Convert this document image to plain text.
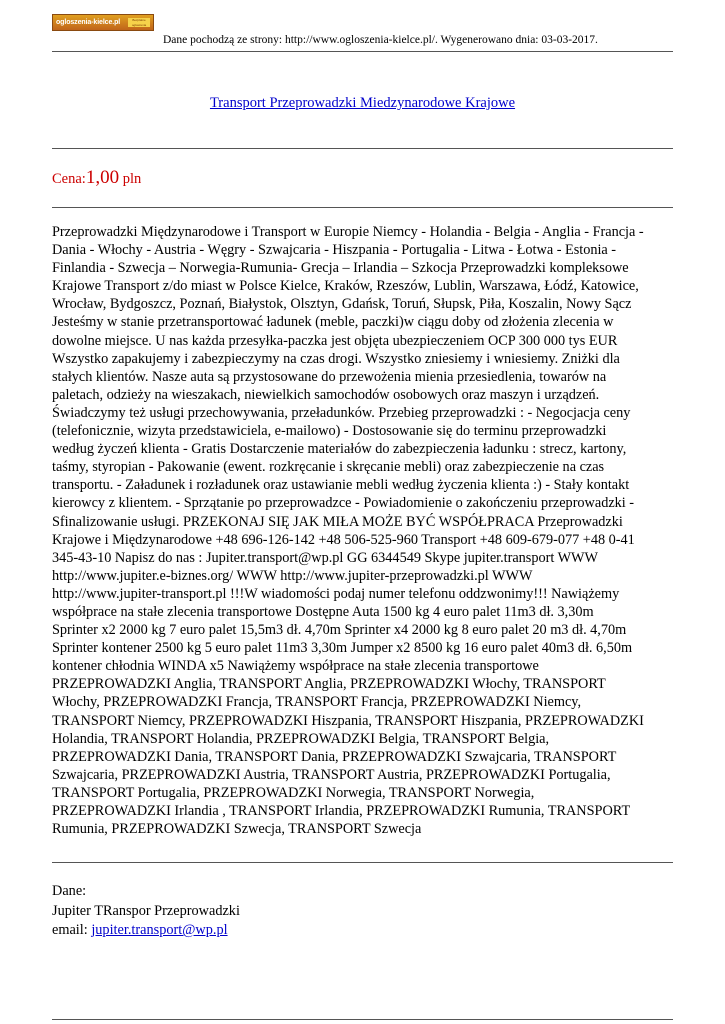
ogloszenia-kielce.pl	Bezpłatne ogłoszenia
Dane pochodzą ze strony: http://www.ogloszenia-kielce.pl/. Wygenerowano dnia: 03-03-2017.
Transport Przeprowadzki Miedzynarodowe Krajowe
Cena:1,00 pln

Przeprowadzki Międzynarodowe i Transport w Europie Niemcy - Holandia - Belgia - Anglia - Francja -
Dania - Włochy - Austria - Węgry - Szwajcaria - Hiszpania - Portugalia - Litwa - Łotwa - Estonia -
Finlandia - Szwecja – Norwegia-Rumunia- Grecja – Irlandia – Szkocja Przeprowadzki kompleksowe
Krajowe Transport z/do miast w Polsce Kielce, Kraków, Rzeszów, Lublin, Warszawa, Łódź, Katowice,
Wrocław, Bydgoszcz, Poznań, Białystok, Olsztyn, Gdańsk, Toruń, Słupsk, Piła, Koszalin, Nowy Sącz
Jesteśmy w stanie przetransportować ładunek (meble, paczki)w ciągu doby od złożenia zlecenia w
dowolne miejsce. U nas każda przesyłka-paczka jest objęta ubezpieczeniem OCP 300 000 tys EUR
Wszystko zapakujemy i zabezpieczymy na czas drogi. Wszystko zniesiemy i wniesiemy. Zniżki dla
stałych klientów. Nasze auta są przystosowane do przewożenia mienia przesiedlenia, towarów na
paletach, odzieży na wieszakach, niewielkich samochodów osobowych oraz maszyn i urządzeń.
Świadczymy też usługi przechowywania, przeładunków. Przebieg przeprowadzki : - Negocjacja ceny
(telefonicznie, wizyta przedstawiciela, e-mailowo) - Dostosowanie się do terminu przeprowadzki
według życzeń klienta - Gratis Dostarczenie materiałów do zabezpieczenia ładunku : strecz, kartony,
taśmy, styropian - Pakowanie (ewent. rozkręcanie i skręcanie mebli) oraz zabezpieczenie na czas
transportu. - Załadunek i rozładunek oraz ustawianie mebli według życzenia klienta :) - Stały kontakt
kierowcy z klientem. - Sprzątanie po przeprowadzce - Powiadomienie o zakończeniu przeprowadzki -
Sfinalizowanie usługi. PRZEKONAJ SIĘ JAK MIŁA MOŻE BYĆ WSPÓŁPRACA Przeprowadzki
Krajowe i Międzynarodowe +48 696-126-142 +48 506-525-960 Transport +48 609-679-077 +48 0-41
345-43-10 Napisz do nas : Jupiter.transport@wp.pl GG 6344549 Skype jupiter.transport WWW
http://www.jupiter.e-biznes.org/ WWW http://www.jupiter-przeprowadzki.pl WWW
http://www.jupiter-transport.pl !!!W wiadomości podaj numer telefonu oddzwonimy!!! Nawiążemy
współprace na stałe zlecenia transportowe Dostępne Auta 1500 kg 4 euro palet 11m3 dł. 3,30m
Sprinter x2 2000 kg 7 euro palet 15,5m3 dł. 4,70m Sprinter x4 2000 kg 8 euro palet 20 m3 dł. 4,70m
Sprinter kontener 2500 kg 5 euro palet 11m3 3,30m Jumper x2 8500 kg 16 euro palet 40m3 dł. 6,50m
kontener chłodnia WINDA x5 Nawiążemy współprace na stałe zlecenia transportowe
PRZEPROWADZKI Anglia, TRANSPORT Anglia, PRZEPROWADZKI Włochy, TRANSPORT
Włochy, PRZEPROWADZKI Francja, TRANSPORT Francja, PRZEPROWADZKI Niemcy,
TRANSPORT Niemcy, PRZEPROWADZKI Hiszpania, TRANSPORT Hiszpania, PRZEPROWADZKI
Holandia, TRANSPORT Holandia, PRZEPROWADZKI Belgia, TRANSPORT Belgia,
PRZEPROWADZKI Dania, TRANSPORT Dania, PRZEPROWADZKI Szwajcaria, TRANSPORT
Szwajcaria, PRZEPROWADZKI Austria, TRANSPORT Austria, PRZEPROWADZKI Portugalia,
TRANSPORT Portugalia, PRZEPROWADZKI Norwegia, TRANSPORT Norwegia,
PRZEPROWADZKI Irlandia , TRANSPORT Irlandia, PRZEPROWADZKI Rumunia, TRANSPORT
Rumunia, PRZEPROWADZKI Szwecja, TRANSPORT Szwecja

Dane:
Jupiter TRanspor Przeprowadzki
email: jupiter.transport@wp.pl
